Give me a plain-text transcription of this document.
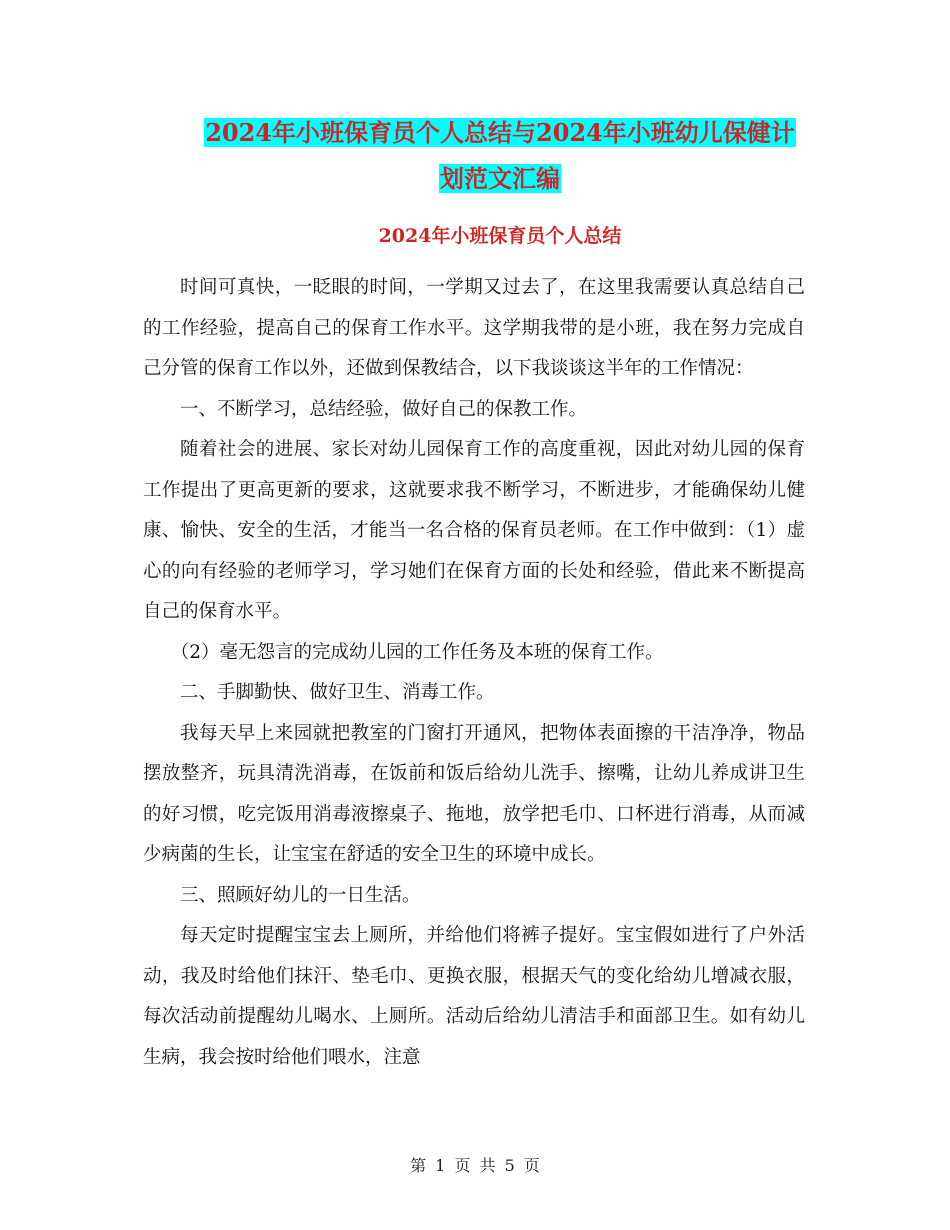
2024年小班保育员个人总结与2024年小班幼儿保健计
划范文汇编
2024年小班保育员个人总结

时间可真快，一眨眼的时间，一学期又过去了，在这里我需要认真总结自己的工作经验，提高自己的保育工作水平。这学期我带的是小班，我在努力完成自己分管的保育工作以外，还做到保教结合，以下我谈谈这半年的工作情况：

一、不断学习，总结经验，做好自己的保教工作。

随着社会的进展、家长对幼儿园保育工作的高度重视，因此对幼儿园的保育工作提出了更高更新的要求，这就要求我不断学习，不断进步，才能确保幼儿健康、愉快、安全的生活，才能当一名合格的保育员老师。在工作中做到：（1）虚心的向有经验的老师学习，学习她们在保育方面的长处和经验，借此来不断提高自己的保育水平。

（2）毫无怨言的完成幼儿园的工作任务及本班的保育工作。

二、手脚勤快、做好卫生、消毒工作。

我每天早上来园就把教室的门窗打开通风，把物体表面擦的干洁净净，物品摆放整齐，玩具清洗消毒，在饭前和饭后给幼儿洗手、擦嘴，让幼儿养成讲卫生的好习惯，吃完饭用消毒液擦桌子、拖地，放学把毛巾、口杯进行消毒，从而减少病菌的生长，让宝宝在舒适的安全卫生的环境中成长。

三、照顾好幼儿的一日生活。

每天定时提醒宝宝去上厕所，并给他们将裤子提好。宝宝假如进行了户外活动，我及时给他们抹汗、垫毛巾、更换衣服，根据天气的变化给幼儿增减衣服，每次活动前提醒幼儿喝水、上厕所。活动后给幼儿清洁手和面部卫生。如有幼儿生病，我会按时给他们喂水，注意

第 1 页 共 5 页
